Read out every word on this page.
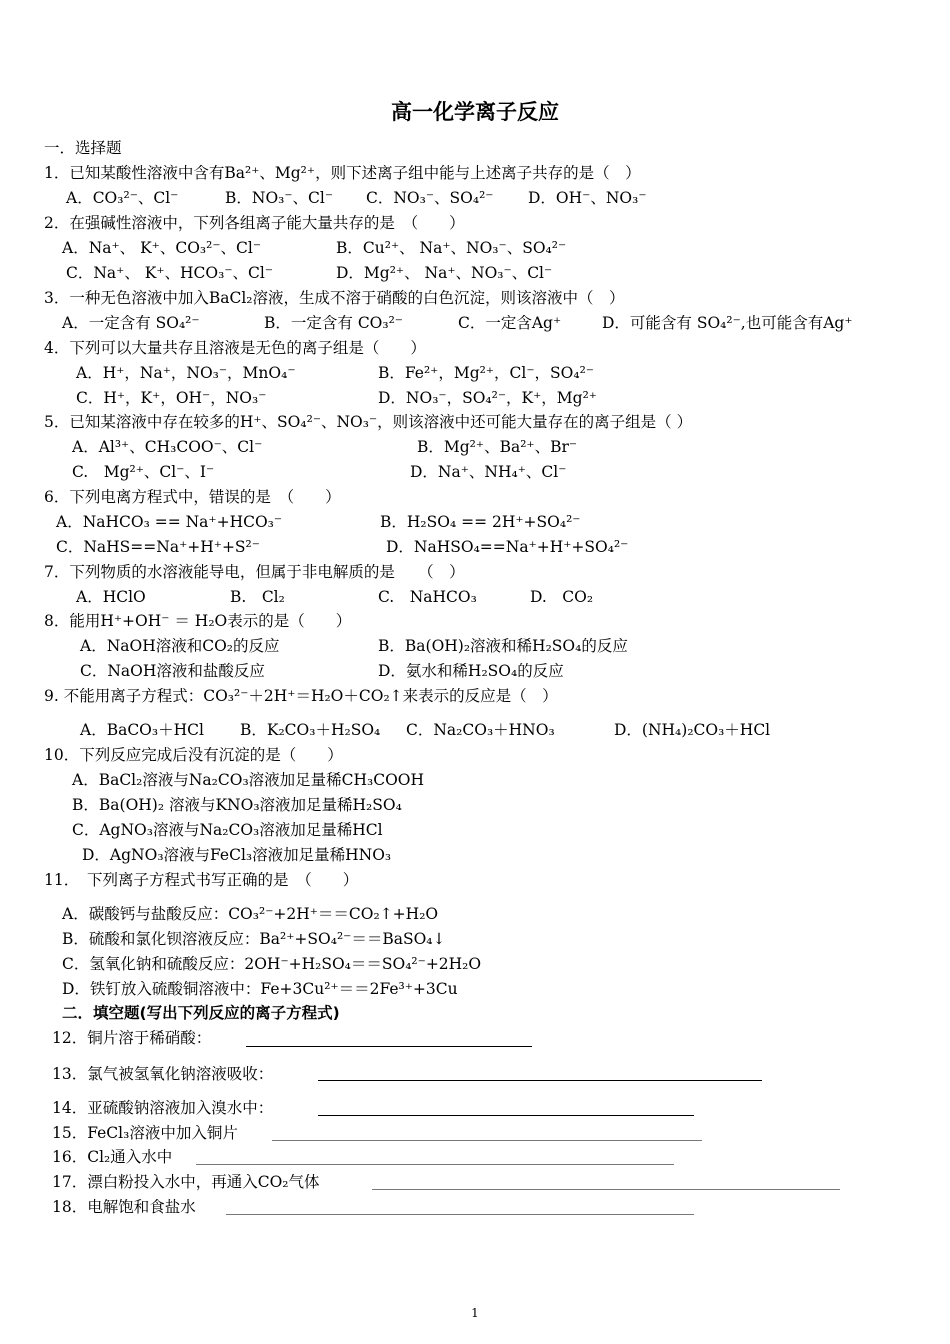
高一化学离子反应
一．选择题
1．已知某酸性溶液中含有Ba²⁺、Mg²⁺，则下述离子组中能与上述离子共存的是（　）
A．CO₃²⁻、Cl⁻	B．NO₃⁻、Cl⁻ C．NO₃⁻、SO₄²⁻ D．OH⁻、NO₃⁻
2．在强碱性溶液中，下列各组离子能大量共存的是　（　　）
A．Na⁺、 K⁺、CO₃²⁻、Cl⁻	B．Cu²⁺、 Na⁺、NO₃⁻、SO₄²⁻
C．Na⁺、 K⁺、HCO₃⁻、Cl⁻	D．Mg²⁺、 Na⁺、NO₃⁻、Cl⁻
3．一种无色溶液中加入BaCl₂溶液，生成不溶于硝酸的白色沉淀，则该溶液中（　）
A．一定含有 SO₄²⁻	B．一定含有 CO₃²⁻	C．一定含Ag⁺	D．可能含有 SO₄²⁻,也可能含有Ag⁺
4．下列可以大量共存且溶液是无色的离子组是（　　）
A．H⁺，Na⁺，NO₃⁻，MnO₄⁻	B．Fe²⁺，Mg²⁺，Cl⁻，SO₄²⁻
C．H⁺，K⁺，OH⁻，NO₃⁻	D．NO₃⁻，SO₄²⁻，K⁺，Mg²⁺
5．已知某溶液中存在较多的H⁺、SO₄²⁻、NO₃⁻，则该溶液中还可能大量存在的离子组是（ ）
A．Al³⁺、CH₃COO⁻、Cl⁻	B．Mg²⁺、Ba²⁺、Br⁻
C.　Mg²⁺、Cl⁻、I⁻	D．Na⁺、NH₄⁺、Cl⁻
6．下列电离方程式中，错误的是　（　　）
A．NaHCO₃ == Na⁺+HCO₃⁻	B．H₂SO₄ == 2H⁺+SO₄²⁻
C．NaHS==Na⁺+H⁺+S²⁻	D．NaHSO₄==Na⁺+H⁺+SO₄²⁻
7．下列物质的水溶液能导电，但属于非电解质的是　　（　）
A．HClO	B.　Cl₂	C.　NaHCO₃	D.　CO₂
8．能用H⁺+OH⁻ ＝ H₂O表示的是（　　）
A．NaOH溶液和CO₂的反应	B．Ba(OH)₂溶液和稀H₂SO₄的反应
C．NaOH溶液和盐酸反应	D．氨水和稀H₂SO₄的反应
9. 不能用离子方程式：CO₃²⁻＋2H⁺＝H₂O＋CO₂↑来表示的反应是（　）
A．BaCO₃＋HCl B．K₂CO₃＋H₂SO₄ C．Na₂CO₃＋HNO₃	D．(NH₄)₂CO₃＋HCl
10．下列反应完成后没有沉淀的是（　　）
A．BaCl₂溶液与Na₂CO₃溶液加足量稀CH₃COOH
B．Ba(OH)₂ 溶液与KNO₃溶液加足量稀H₂SO₄
C．AgNO₃溶液与Na₂CO₃溶液加足量稀HCl
D．AgNO₃溶液与FeCl₃溶液加足量稀HNO₃
11．　下列离子方程式书写正确的是　（　　）
A．碳酸钙与盐酸反应：CO₃²⁻+2H⁺＝＝CO₂↑+H₂O
B．硫酸和氯化钡溶液反应：Ba²⁺+SO₄²⁻＝＝BaSO₄↓
C．氢氧化钠和硫酸反应：2OH⁻+H₂SO₄＝＝SO₄²⁻+2H₂O
D．铁钉放入硫酸铜溶液中：Fe+3Cu²⁺＝＝2Fe³⁺+3Cu
二．填空题(写出下列反应的离子方程式)
12．铜片溶于稀硝酸：
13．氯气被氢氧化钠溶液吸收：
14．亚硫酸钠溶液加入溴水中：
15．FeCl₃溶液中加入铜片
16．Cl₂通入水中
17．漂白粉投入水中，再通入CO₂气体
18．电解饱和食盐水
1
